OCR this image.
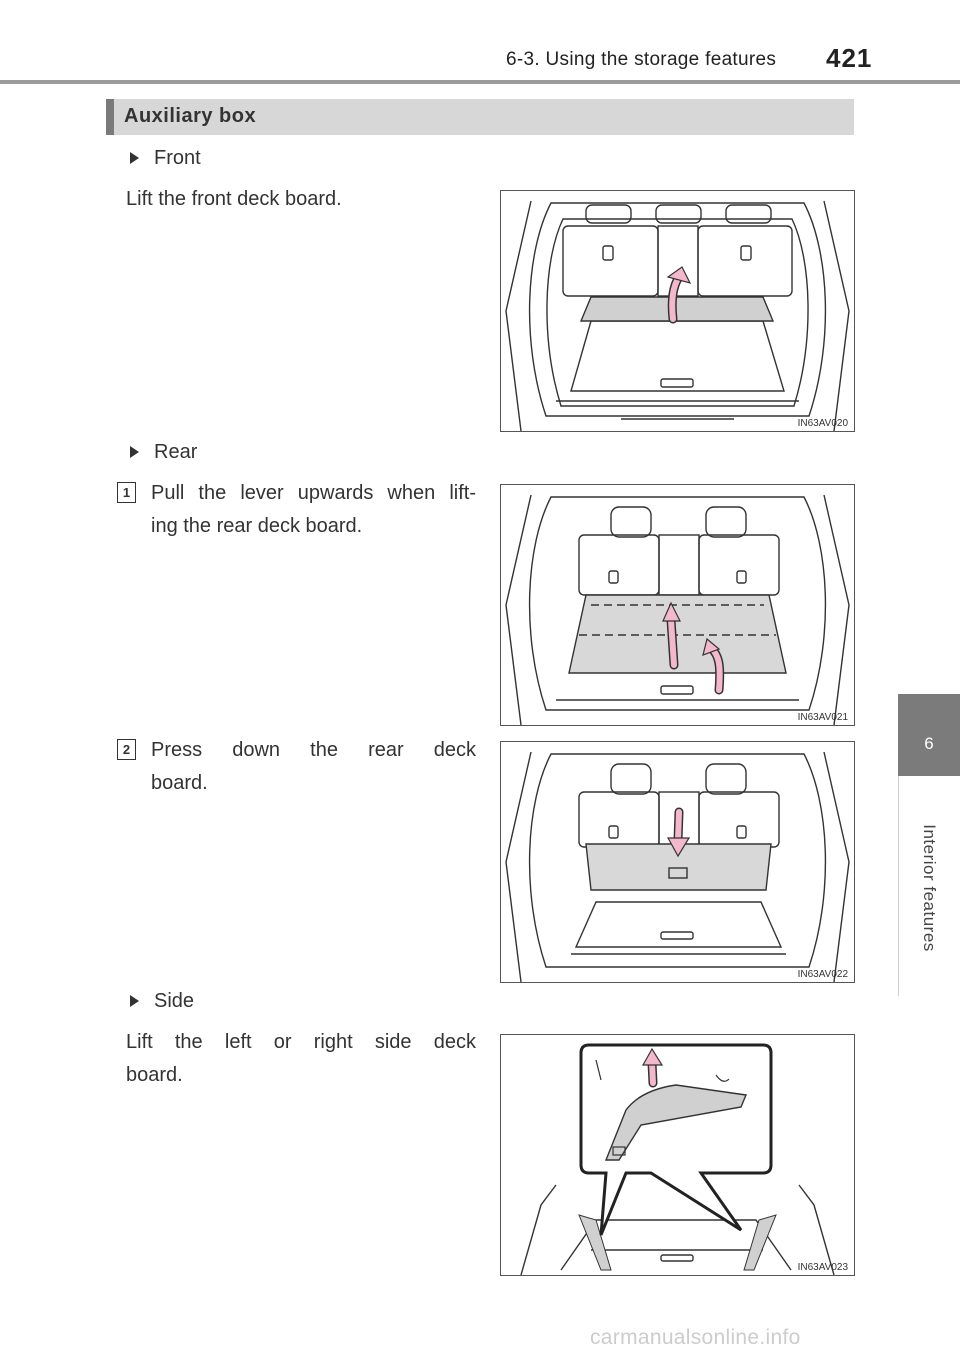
6-3. Using the storage features 421
6
Interior features
Auxiliary box
Front
Lift the front deck board.
IN63AV020
Rear
1 Pull the lever upwards when lift-
ing the rear deck board.
IN63AV021
2 Press down the rear deck
board.
IN63AV022
Side
Lift the left or right side deck
board.
IN63AV023
carmanualsonline.info
